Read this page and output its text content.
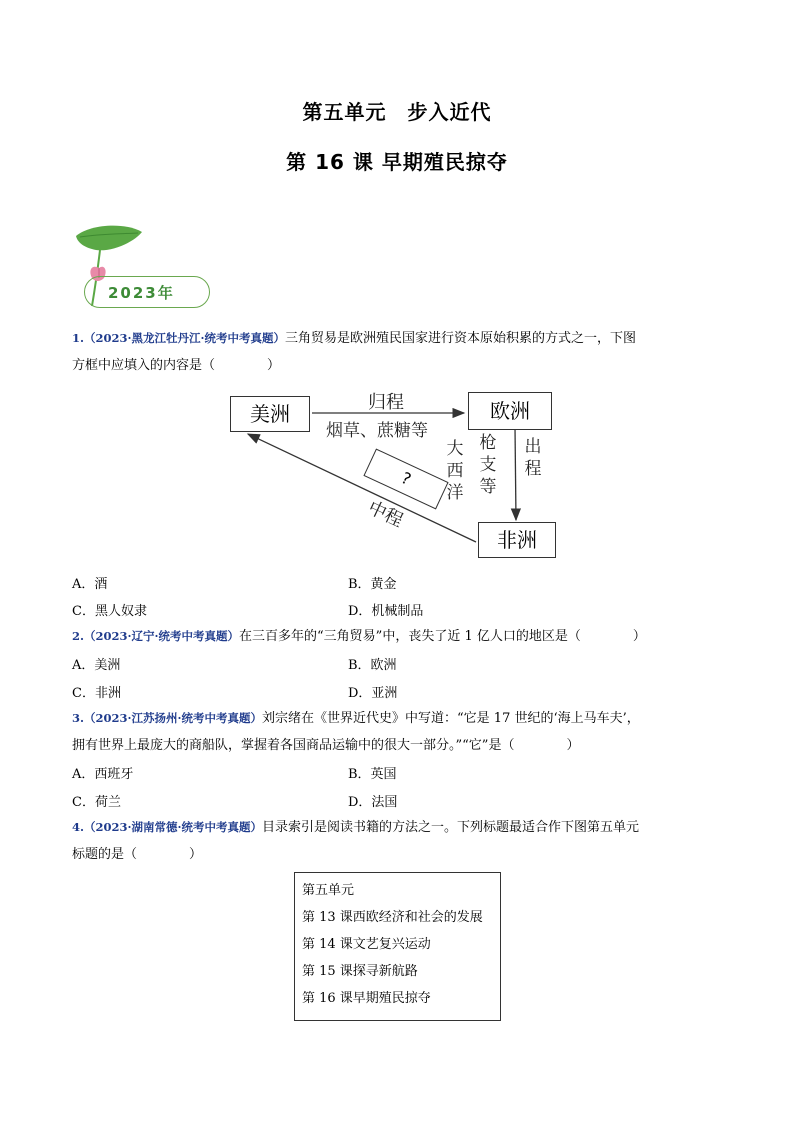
第五单元　步入近代
第 16 课 早期殖民掠夺
2023年
1.（2023·黑龙江牡丹江·统考中考真题）三角贸易是欧洲殖民国家进行资本原始积累的方式之一，下图
方框中应填入的内容是（　　　　）
美洲	欧洲
非洲
?
归程
烟草、蔗糖等
中程
大
西
洋
枪
支
等
出
程
A．酒	B．黄金
C．黑人奴隶	D．机械制品
2.（2023·辽宁·统考中考真题）在三百多年的“三角贸易”中，丧失了近 1 亿人口的地区是（　　　　）
A．美洲	B．欧洲
C．非洲	D．亚洲
3.（2023·江苏扬州·统考中考真题）刘宗绪在《世界近代史》中写道：“它是 17 世纪的‘海上马车夫’，
拥有世界上最庞大的商船队，掌握着各国商品运输中的很大一部分。”“它”是（　　　　）
A．西班牙	B．英国
C．荷兰	D．法国
4.（2023·湖南常德·统考中考真题）目录索引是阅读书籍的方法之一。下列标题最适合作下图第五单元
标题的是（　　　　）
第五单元
第 13 课西欧经济和社会的发展
第 14 课文艺复兴运动
第 15 课探寻新航路
第 16 课早期殖民掠夺
